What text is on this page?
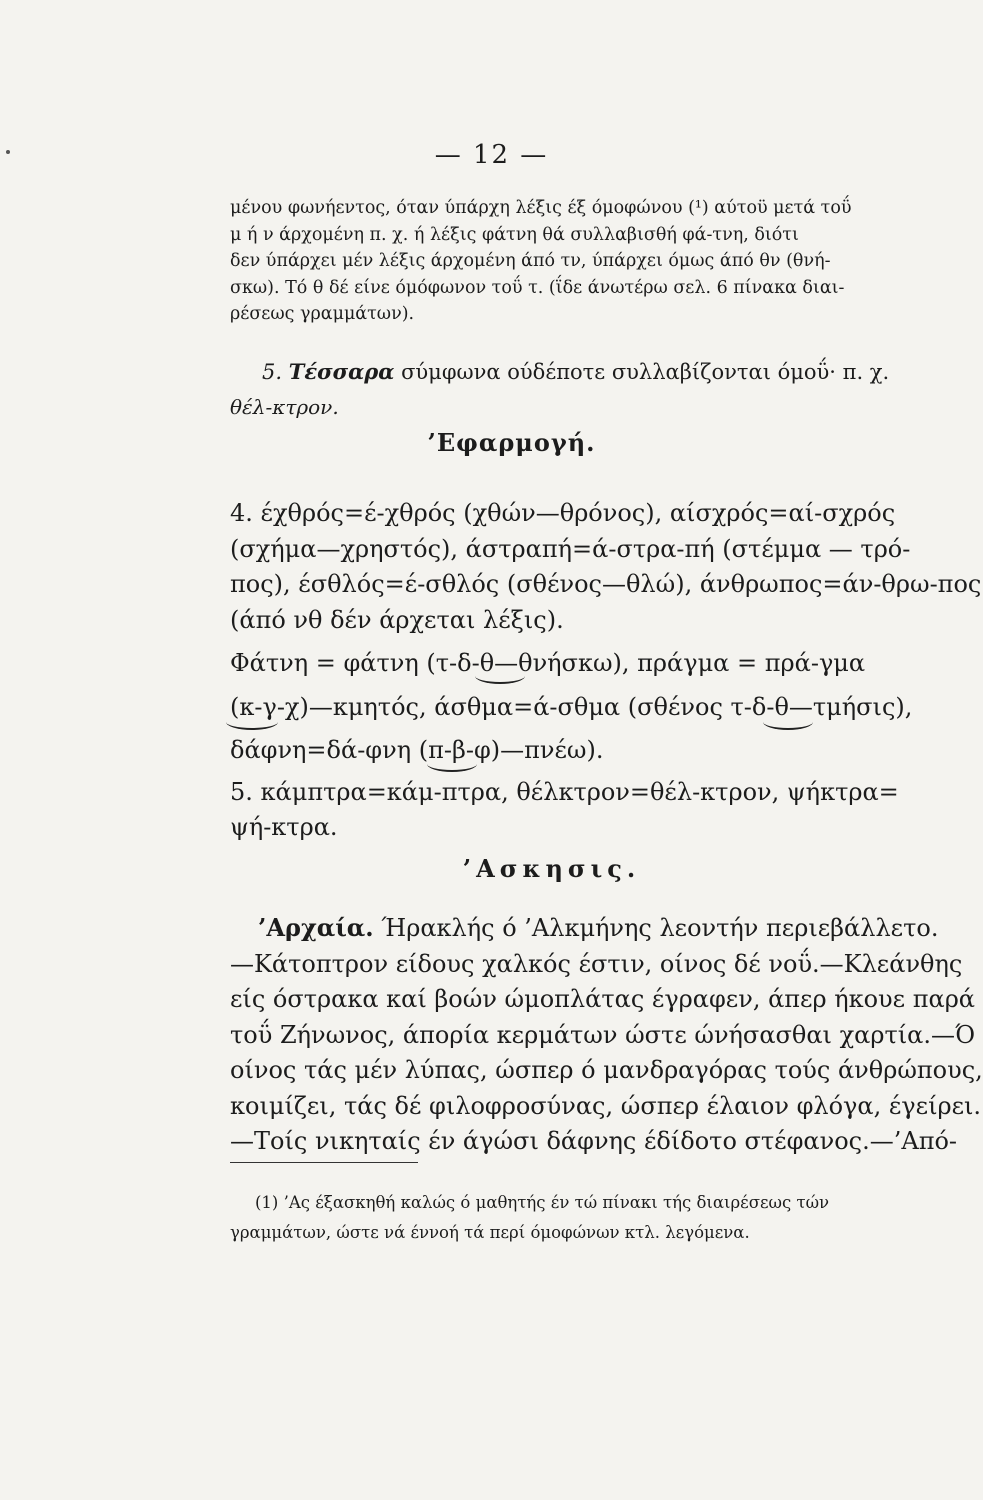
— 12 —
μένου φωνήεντος, όταν ύπάρχη λέξις έξ όμοφώνου (¹) αύτοϋ μετά τοΰ
μ ή ν άρχομένη π. χ. ή λέξις φάτνη θά συλλαβισθή φά-τνη, διότι
δεν ύπάρχει μέν λέξις άρχομένη άπό τν, ύπάρχει όμως άπό θν (θνή-
σκω). Τό θ δέ είνε όμόφωνον τοΰ τ. (ΐδε άνωτέρω σελ. 6 πίνακα διαι-
ρέσεως γραμμάτων).
5. Τέσσαρα σύμφωνα ούδέποτε συλλαβίζονται όμοΰ· π. χ.
θέλ-κτρον.
’Εφαρμογή.
4. έχθρός=έ-χθρός (χθών—θρόνος), αίσχρός=αί-σχρός
(σχήμα—χρηστός), άστραπή=ά-στρα-πή (στέμμα — τρό-
πος), έσθλός=έ-σθλός (σθένος—θλώ), άνθρωπος=άν-θρω-πος
(άπό νθ δέν άρχεται λέξις).
Φάτνη = φάτνη (τ-δ-θ—θνήσκω), πράγμα = πρά-γμα
(κ-γ-χ)—κμητός, άσθμα=ά-σθμα (σθένος τ-δ-θ—τμήσις),
δάφνη=δά-φνη (π-β-φ)—πνέω).
5. κάμπτρα=κάμ-πτρα, θέλκτρον=θέλ-κτρον, ψήκτρα=
ψή-κτρα.
’Ασκησις.
’Αρχαία. Ήρακλής ό ’Αλκμήνης λεοντήν περιεβάλλετο.
—Κάτοπτρον είδους χαλκός έστιν, οίνος δέ νοΰ.—Κλεάνθης
είς όστρακα καί βοών ώμοπλάτας έγραφεν, άπερ ήκουε παρά
τοΰ Ζήνωνος, άπορία κερμάτων ώστε ώνήσασθαι χαρτία.—Ό
οίνος τάς μέν λύπας, ώσπερ ό μανδραγόρας τούς άνθρώπους,
κοιμίζει, τάς δέ φιλοφροσύνας, ώσπερ έλαιον φλόγα, έγείρει.
—Τοίς νικηταίς έν άγώσι δάφνης έδίδοτο στέφανος.—’Από-
(1) ’Ας έξασκηθή καλώς ό μαθητής έν τώ πίνακι τής διαιρέσεως τών
γραμμάτων, ώστε νά έννοή τά περί όμοφώνων κτλ. λεγόμενα.
